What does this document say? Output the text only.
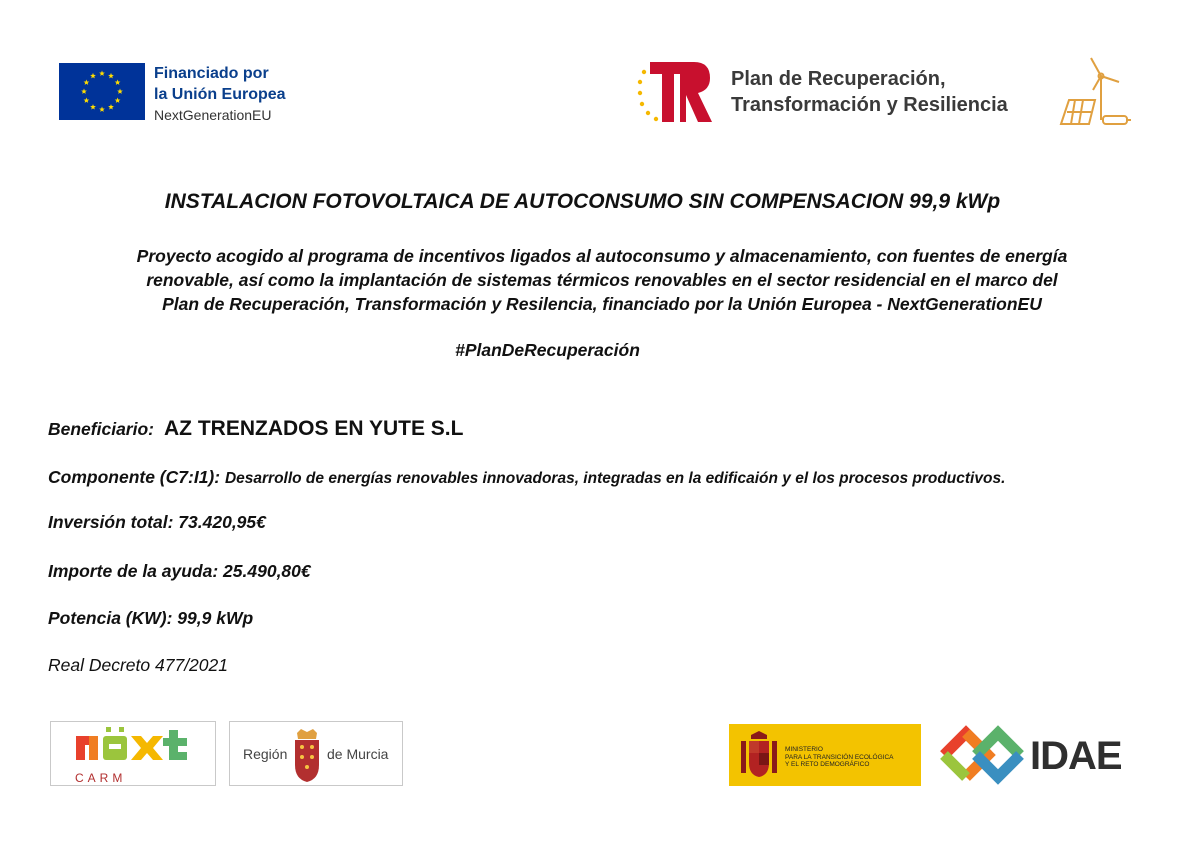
Financiado por
la Unión Europea
NextGenerationEU
Plan de Recuperación,
Transformación y Resiliencia
INSTALACION FOTOVOLTAICA DE AUTOCONSUMO SIN COMPENSACION 99,9 kWp
Proyecto acogido al programa de incentivos ligados al autoconsumo y almacenamiento, con fuentes de energía
renovable, así como la implantación de sistemas térmicos renovables en el sector residencial en el marco del
Plan de Recuperación, Transformación y Resilencia, financiado por la Unión Europea - NextGenerationEU
#PlanDeRecuperación
Beneficiario: AZ TRENZADOS EN YUTE S.L
Componente (C7:I1): Desarrollo de energías renovables innovadoras, integradas en la edificaión y el los procesos productivos.
Inversión total: 73.420,95€
Importe de la ayuda: 25.490,80€
Potencia (KW): 99,9 kWp
Real Decreto 477/2021
CARM
Región	de Murcia	MINISTERIO
PARA LA TRANSICIÓN ECOLÓGICA
Y EL RETO DEMOGRÁFICO	IDAE
